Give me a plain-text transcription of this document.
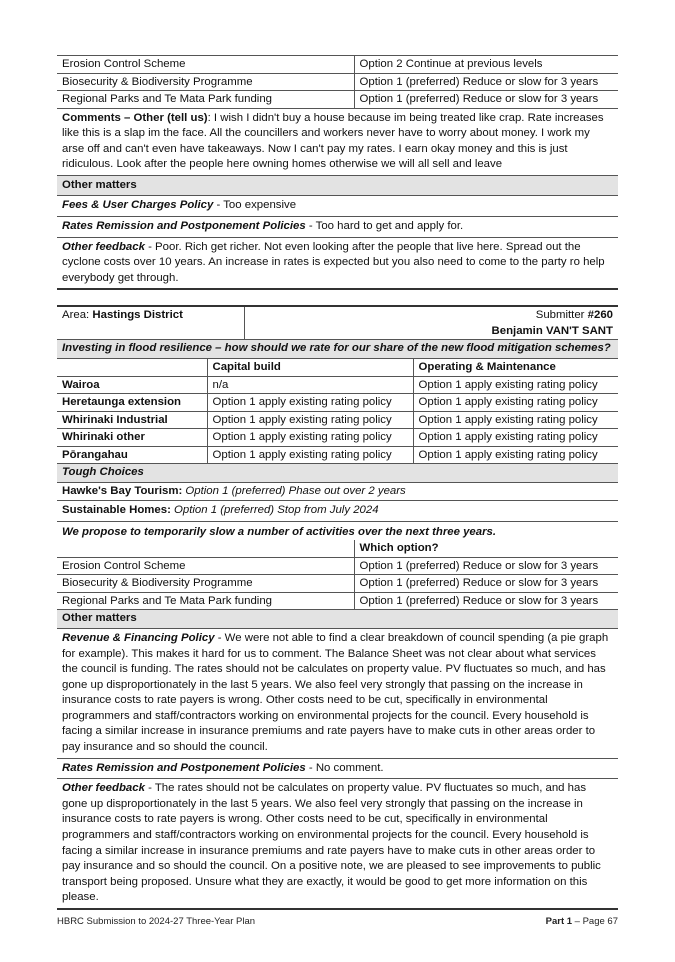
Erosion Control Scheme	Option 2 Continue at previous levels
Biosecurity & Biodiversity Programme	Option 1 (preferred) Reduce or slow for 3 years
Regional Parks and Te Mata Park funding	Option 1 (preferred) Reduce or slow for 3 years
Comments – Other (tell us): I wish I didn't buy a house because im being treated like crap. Rate increases like this is a slap im the face. All the councillers and workers never have to worry about money. I work my arse off and can't even have takeaways. Now I can't pay my rates. I earn okay money and this is just ridiculous. Look after the people here owning homes otherwise we will all sell and leave
Other matters
Fees & User Charges Policy - Too expensive
Rates Remission and Postponement Policies - Too hard to get and apply for.
Other feedback - Poor. Rich get richer. Not even looking after the people that live here. Spread out the cyclone costs over 10 years. An increase in rates is expected but you also need to come to the party ro help everybody get through.
Area: Hastings District	Submitter #260
Benjamin VAN'T SANT
Investing in flood resilience – how should we rate for our share of the new flood mitigation schemes?
	Capital build	Operating & Maintenance
Wairoa	n/a	Option 1 apply existing rating policy
Heretaunga extension	Option 1 apply existing rating policy	Option 1 apply existing rating policy
Whirinaki Industrial	Option 1 apply existing rating policy	Option 1 apply existing rating policy
Whirinaki other	Option 1 apply existing rating policy	Option 1 apply existing rating policy
Pōrangahau	Option 1 apply existing rating policy	Option 1 apply existing rating policy
Tough Choices
Hawke's Bay Tourism: Option 1 (preferred) Phase out over 2 years
Sustainable Homes: Option 1 (preferred) Stop from July 2024
We propose to temporarily slow a number of activities over the next three years.	
	Which option?
Erosion Control Scheme	Option 1 (preferred) Reduce or slow for 3 years
Biosecurity & Biodiversity Programme	Option 1 (preferred) Reduce or slow for 3 years
Regional Parks and Te Mata Park funding	Option 1 (preferred) Reduce or slow for 3 years
Other matters
Revenue & Financing Policy - We were not able to find a clear breakdown of council spending (a pie graph for example). This makes it hard for us to comment. The Balance Sheet was not clear about what services the council is funding. The rates should not be calculates on property value. PV fluctuates so much, and has gone up disproportionately in the last 5 years. We also feel very strongly that passing on the increase in insurance costs to rate payers is wrong. Other costs need to be cut, specifically in environmental programmers and staff/contractors working on environmental projects for the council. Every household is facing a similar increase in insurance premiums and rate payers have to make cuts in other areas order to pay insurance and so should the council.
Rates Remission and Postponement Policies - No comment.
Other feedback - The rates should not be calculates on property value. PV fluctuates so much, and has gone up disproportionately in the last 5 years. We also feel very strongly that passing on the increase in insurance costs to rate payers is wrong. Other costs need to be cut, specifically in environmental programmers and staff/contractors working on environmental projects for the council. Every household is facing a similar increase in insurance premiums and rate payers have to make cuts in other areas order to pay insurance and so should the council. On a positive note, we are pleased to see improvements to public transport being proposed. Unsure what they are exactly, it would be good to get more information on this please.
HBRC Submission to 2024-27 Three-Year Plan	Part 1 – Page 67
